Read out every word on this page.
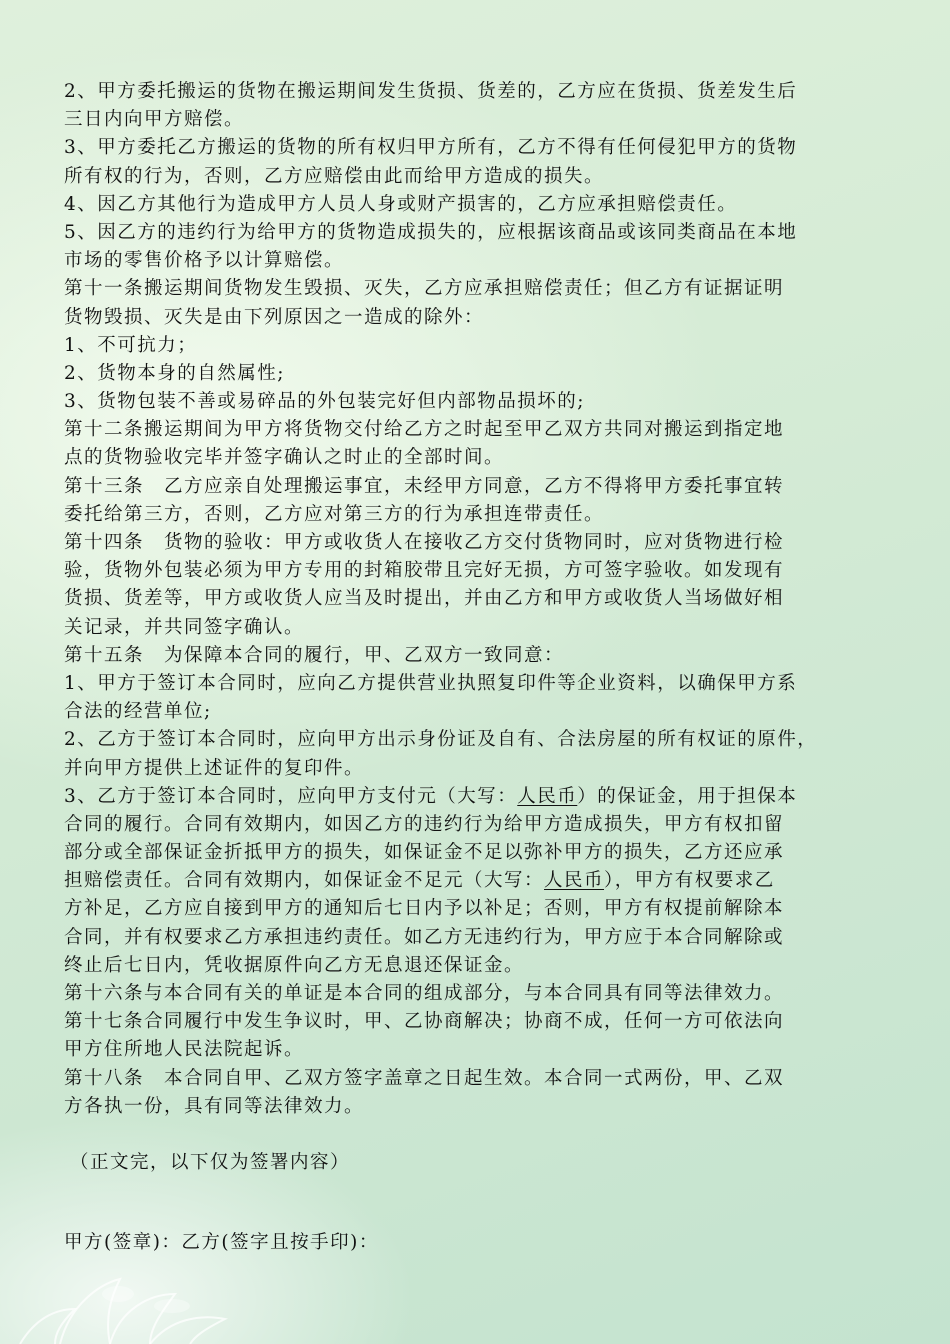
2、甲方委托搬运的货物在搬运期间发生货损、货差的，乙方应在货损、货差发生后

三日内向甲方赔偿。

3、甲方委托乙方搬运的货物的所有权归甲方所有，乙方不得有任何侵犯甲方的货物

所有权的行为，否则，乙方应赔偿由此而给甲方造成的损失。

4、因乙方其他行为造成甲方人员人身或财产损害的，乙方应承担赔偿责任。

5、因乙方的违约行为给甲方的货物造成损失的，应根据该商品或该同类商品在本地

市场的零售价格予以计算赔偿。

第十一条搬运期间货物发生毁损、灭失，乙方应承担赔偿责任；但乙方有证据证明

货物毁损、灭失是由下列原因之一造成的除外：

1、不可抗力；

2、货物本身的自然属性;

3、货物包装不善或易碎品的外包装完好但内部物品损坏的;

第十二条搬运期间为甲方将货物交付给乙方之时起至甲乙双方共同对搬运到指定地

点的货物验收完毕并签字确认之时止的全部时间。

第十三条　乙方应亲自处理搬运事宜，未经甲方同意，乙方不得将甲方委托事宜转

委托给第三方，否则，乙方应对第三方的行为承担连带责任。

第十四条　货物的验收：甲方或收货人在接收乙方交付货物同时，应对货物进行检

验，货物外包装必须为甲方专用的封箱胶带且完好无损，方可签字验收。如发现有

货损、货差等，甲方或收货人应当及时提出，并由乙方和甲方或收货人当场做好相

关记录，并共同签字确认。

第十五条　为保障本合同的履行，甲、乙双方一致同意：

1、甲方于签订本合同时，应向乙方提供营业执照复印件等企业资料，以确保甲方系

合法的经营单位;

2、乙方于签订本合同时，应向甲方出示身份证及自有、合法房屋的所有权证的原件，

并向甲方提供上述证件的复印件。

3、乙方于签订本合同时，应向甲方支付元（大写：人民币）的保证金，用于担保本

合同的履行。合同有效期内，如因乙方的违约行为给甲方造成损失，甲方有权扣留

部分或全部保证金折抵甲方的损失，如保证金不足以弥补甲方的损失，乙方还应承

担赔偿责任。合同有效期内，如保证金不足元（大写：人民币），甲方有权要求乙

方补足，乙方应自接到甲方的通知后七日内予以补足；否则，甲方有权提前解除本

合同，并有权要求乙方承担违约责任。如乙方无违约行为，甲方应于本合同解除或

终止后七日内，凭收据原件向乙方无息退还保证金。

第十六条与本合同有关的单证是本合同的组成部分，与本合同具有同等法律效力。

第十七条合同履行中发生争议时，甲、乙协商解决；协商不成，任何一方可依法向

甲方住所地人民法院起诉。

第十八条　本合同自甲、乙双方签字盖章之日起生效。本合同一式两份，甲、乙双

方各执一份，具有同等法律效力。

（正文完，以下仅为签署内容）

甲方(签章)：乙方(签字且按手印)：
